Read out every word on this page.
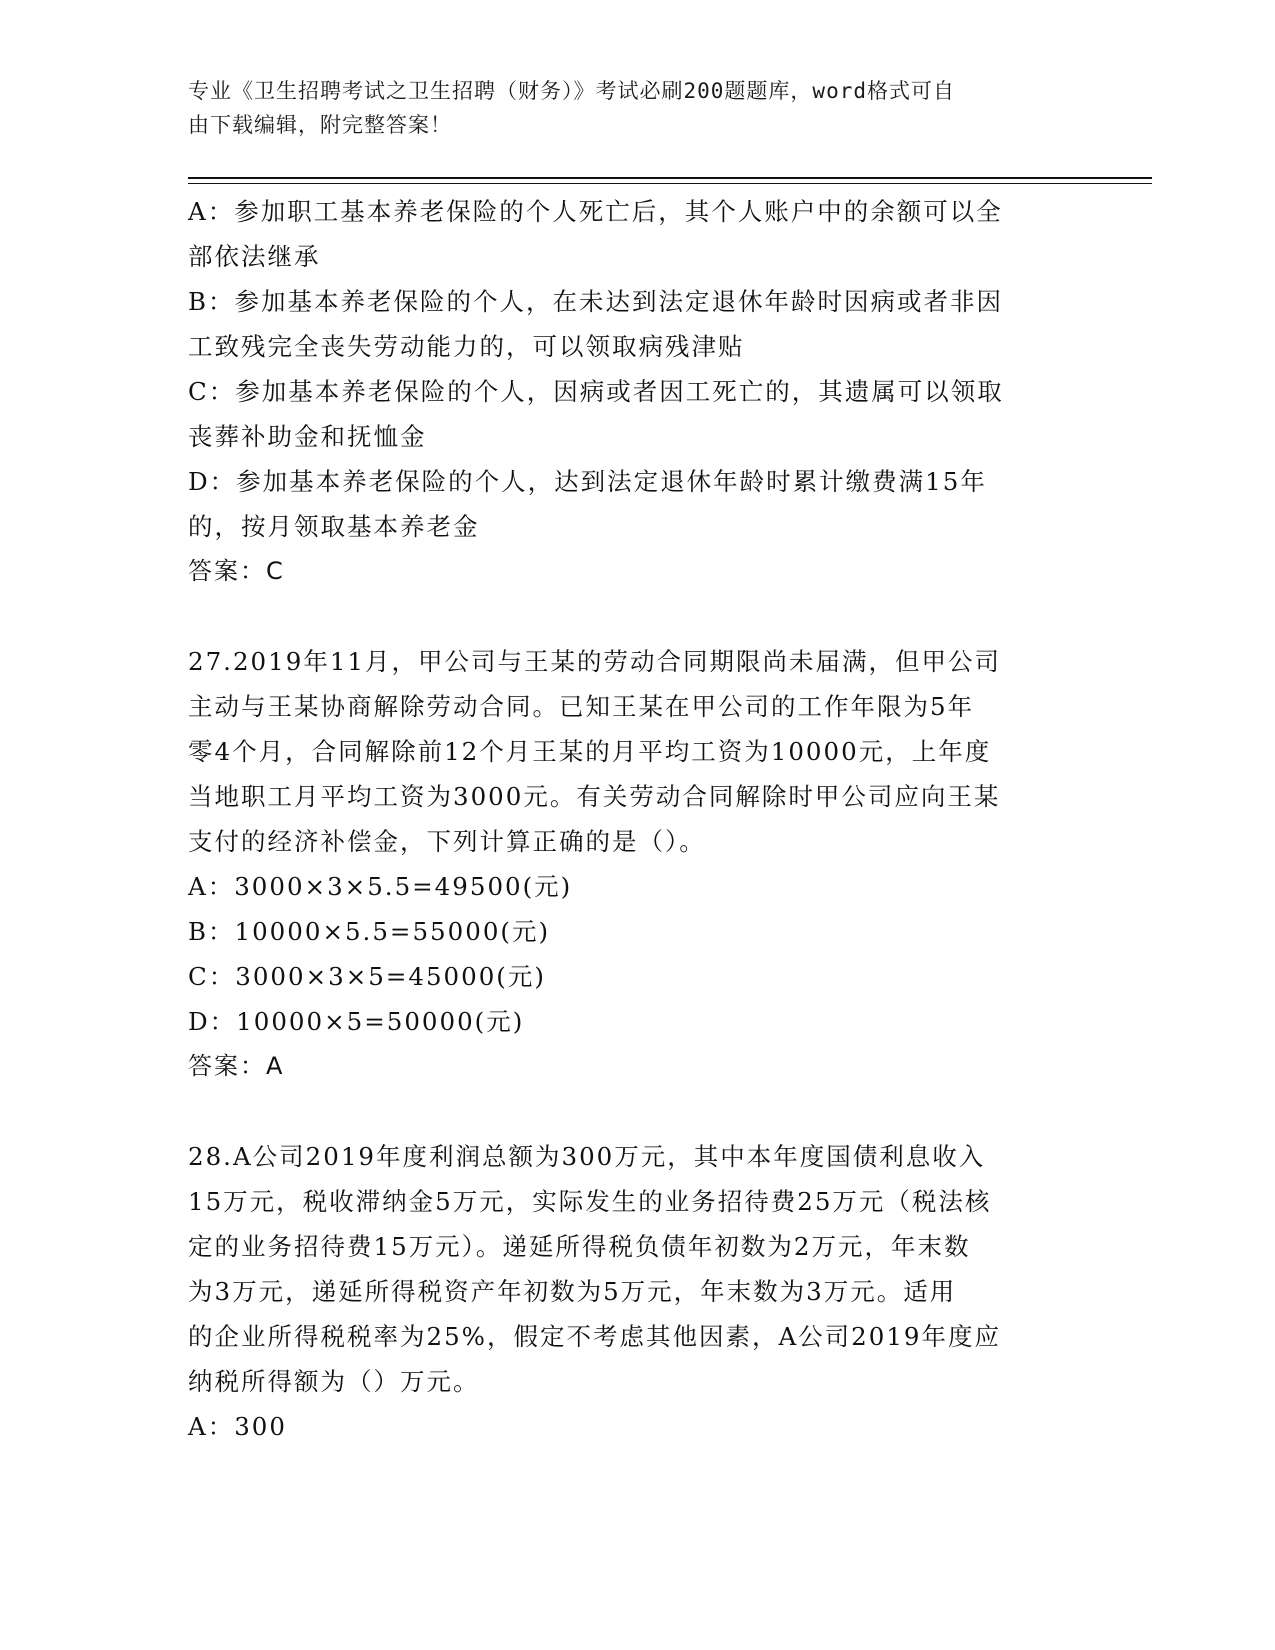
专业《卫生招聘考试之卫生招聘（财务）》考试必刷200题题库，word格式可自
由下载编辑，附完整答案！

A：参加职工基本养老保险的个人死亡后，其个人账户中的余额可以全

部依法继承

B：参加基本养老保险的个人，在未达到法定退休年龄时因病或者非因

工致残完全丧失劳动能力的，可以领取病残津贴

C：参加基本养老保险的个人，因病或者因工死亡的，其遗属可以领取

丧葬补助金和抚恤金

D：参加基本养老保险的个人，达到法定退休年龄时累计缴费满15年

的，按月领取基本养老金

答案：C

27.2019年11月，甲公司与王某的劳动合同期限尚未届满，但甲公司

主动与王某协商解除劳动合同。已知王某在甲公司的工作年限为5年

零4个月，合同解除前12个月王某的月平均工资为10000元，上年度

当地职工月平均工资为3000元。有关劳动合同解除时甲公司应向王某

支付的经济补偿金，下列计算正确的是（）。

A：3000×3×5.5=49500(元)

B：10000×5.5=55000(元)

C：3000×3×5=45000(元)

D：10000×5=50000(元)

答案：A

28.A公司2019年度利润总额为300万元，其中本年度国债利息收入

15万元，税收滞纳金5万元，实际发生的业务招待费25万元（税法核

定的业务招待费15万元）。递延所得税负债年初数为2万元，年末数

为3万元，递延所得税资产年初数为5万元，年末数为3万元。适用

的企业所得税税率为25%，假定不考虑其他因素，A公司2019年度应

纳税所得额为（）万元。

A：300
